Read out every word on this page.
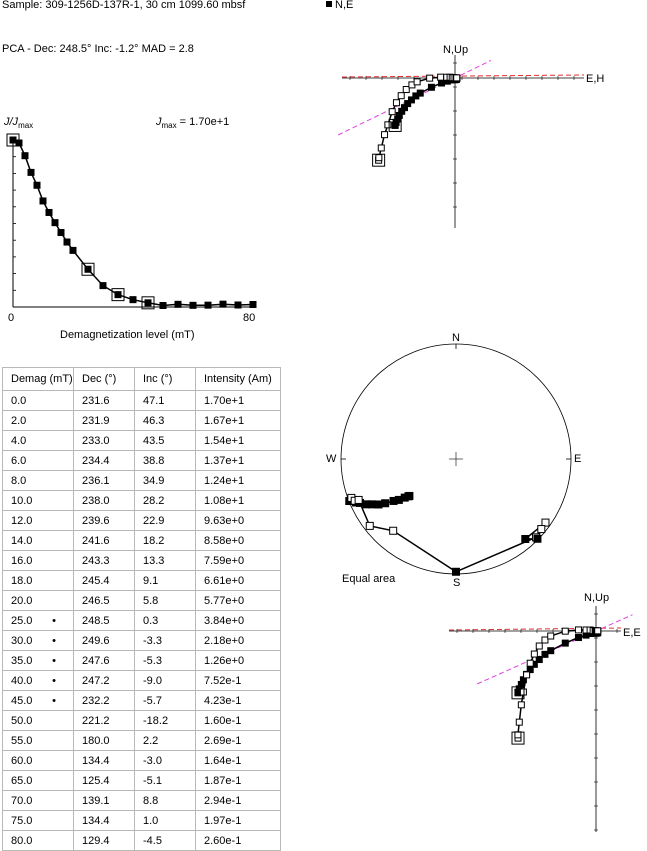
Sample: 309-1256D-137R-1, 30 cm 1099.60 mbsf	N,E
PCA - Dec: 248.5° Inc: -1.2° MAD = 2.8
$J/J_{max}$	$J_{max} = 1.70e+1$
0	80
Demagnetization level (mT)
N,Up
E,H
N
W	E
S
Equal area
N,Up
E,E
Demag (mT)	Dec (°)	Inc (°)	Intensity (Am)
0.0	231.6	47.1	1.70e+1
2.0	231.9	46.3	1.67e+1
4.0	233.0	43.5	1.54e+1
6.0	234.4	38.8	1.37e+1
8.0	236.1	34.9	1.24e+1
10.0	238.0	28.2	1.08e+1
12.0	239.6	22.9	9.63e+0
14.0	241.6	18.2	8.58e+0
16.0	243.3	13.3	7.59e+0
18.0	245.4	9.1	6.61e+0
20.0	246.5	5.8	5.77e+0
25.0 •	248.5	0.3	3.84e+0
30.0 •	249.6	-3.3	2.18e+0
35.0 •	247.6	-5.3	1.26e+0
40.0 •	247.2	-9.0	7.52e-1
45.0 •	232.2	-5.7	4.23e-1
50.0	221.2	-18.2	1.60e-1
55.0	180.0	2.2	2.69e-1
60.0	134.4	-3.0	1.64e-1
65.0	125.4	-5.1	1.87e-1
70.0	139.1	8.8	2.94e-1
75.0	134.4	1.0	1.97e-1
80.0	129.4	-4.5	2.60e-1
